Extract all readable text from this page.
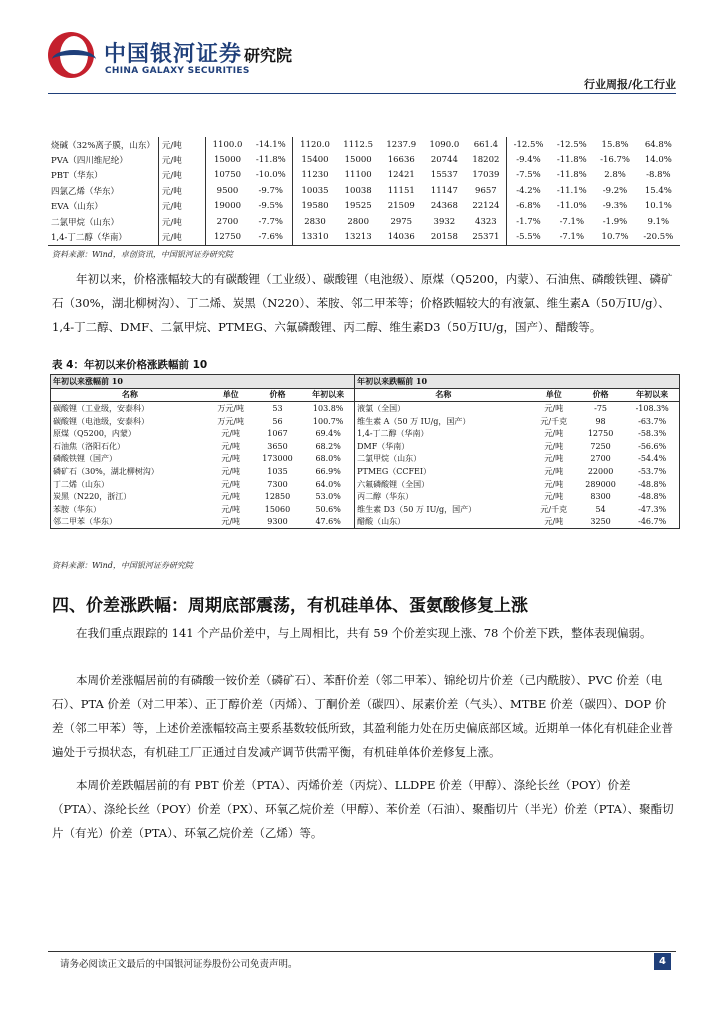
中国银河证券
CHINA GALAXY SECURITIES
研究院
行业周报/化工行业
烧碱（32%离子膜，山东）	元/吨	1100.0	-14.1%	1120.0	1112.5	1237.9	1090.0	661.4	-12.5%	-12.5%	15.8%	64.8%
PVA（四川维尼纶）	元/吨	15000	-11.8%	15400	15000	16636	20744	18202	-9.4%	-11.8%	-16.7%	14.0%
PBT（华东）	元/吨	10750	-10.0%	11230	11100	12421	15537	17039	-7.5%	-11.8%	2.8%	-8.8%
四氯乙烯（华东）	元/吨	9500	-9.7%	10035	10038	11151	11147	9657	-4.2%	-11.1%	-9.2%	15.4%
EVA（山东）	元/吨	19000	-9.5%	19580	19525	21509	24368	22124	-6.8%	-11.0%	-9.3%	10.1%
二氯甲烷（山东）	元/吨	2700	-7.7%	2830	2800	2975	3932	4323	-1.7%	-7.1%	-1.9%	9.1%
1,4-丁二醇（华南）	元/吨	12750	-7.6%	13310	13213	14036	20158	25371	-5.5%	-7.1%	10.7%	-20.5%
资料来源：Wind，卓创资讯，中国银河证券研究院
年初以来，价格涨幅较大的有碳酸锂（工业级）、碳酸锂（电池级）、原煤（Q5200，内蒙）、石油焦、磷酸铁锂、磷矿石（30%，湖北柳树沟）、丁二烯、炭黑（N220）、苯胺、邻二甲苯等；价格跌幅较大的有液氯、维生素A（50万IU/g）、1,4-丁二醇、DMF、二氯甲烷、PTMEG、六氟磷酸锂、丙二醇、维生素D3（50万IU/g，国产）、醋酸等。
表 4：年初以来价格涨跌幅前 10
年初以来涨幅前 10				年初以来跌幅前 10			
名称	单位	价格	年初以来	名称	单位	价格	年初以来
碳酸锂（工业级，安泰科）	万元/吨	53	103.8%	液氯（全国）	元/吨	-75	-108.3%
碳酸锂（电池级，安泰科）	万元/吨	56	100.7%	维生素 A（50 万 IU/g，国产）	元/千克	98	-63.7%
原煤（Q5200，内蒙）	元/吨	1067	69.4%	1,4-丁二醇（华南）	元/吨	12750	-58.3%
石油焦（洛阳石化）	元/吨	3650	68.2%	DMF（华南）	元/吨	7250	-56.6%
磷酸铁锂（国产）	元/吨	173000	68.0%	二氯甲烷（山东）	元/吨	2700	-54.4%
磷矿石（30%，湖北柳树沟）	元/吨	1035	66.9%	PTMEG（CCFEI）	元/吨	22000	-53.7%
丁二烯（山东）	元/吨	7300	64.0%	六氟磷酸锂（全国）	元/吨	289000	-48.8%
炭黑（N220，浙江）	元/吨	12850	53.0%	丙二醇（华东）	元/吨	8300	-48.8%
苯胺（华东）	元/吨	15060	50.6%	维生素 D3（50 万 IU/g，国产）	元/千克	54	-47.3%
邻二甲苯（华东）	元/吨	9300	47.6%	醋酸（山东）	元/吨	3250	-46.7%
资料来源：Wind，中国银河证券研究院
四、价差涨跌幅：周期底部震荡，有机硅单体、蛋氨酸修复上涨
在我们重点跟踪的 141 个产品价差中，与上周相比，共有 59 个价差实现上涨、78 个价差下跌，整体表现偏弱。
本周价差涨幅居前的有磷酸一铵价差（磷矿石）、苯酐价差（邻二甲苯）、锦纶切片价差（己内酰胺）、PVC 价差（电石）、PTA 价差（对二甲苯）、正丁醇价差（丙烯）、丁酮价差（碳四）、尿素价差（气头）、MTBE 价差（碳四）、DOP 价差（邻二甲苯）等，上述价差涨幅较高主要系基数较低所致，其盈利能力处在历史偏底部区域。近期单一体化有机硅企业普遍处于亏损状态，有机硅工厂正通过自发减产调节供需平衡，有机硅单体价差修复上涨。
本周价差跌幅居前的有 PBT 价差（PTA）、丙烯价差（丙烷）、LLDPE 价差（甲醇）、涤纶长丝（POY）价差（PTA）、涤纶长丝（POY）价差（PX）、环氧乙烷价差（甲醇）、苯价差（石油）、聚酯切片（半光）价差（PTA）、聚酯切片（有光）价差（PTA）、环氧乙烷价差（乙烯）等。
请务必阅读正文最后的中国银河证券股份公司免责声明。	4
